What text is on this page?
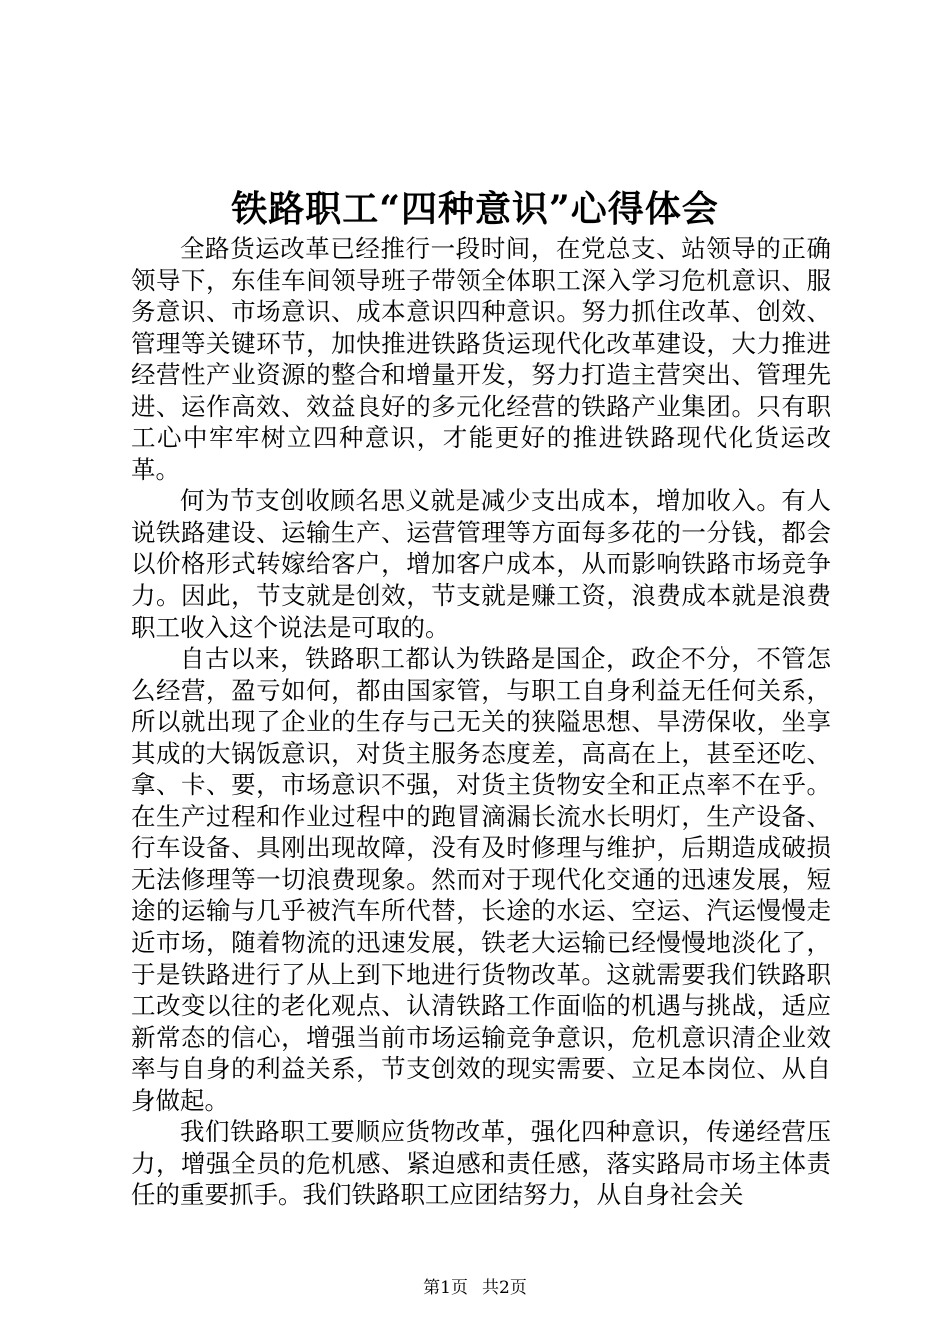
铁路职工“四种意识”心得体会

全路货运改革已经推行一段时间，在党总支、站领导的正确领导下，东佳车间领导班子带领全体职工深入学习危机意识、服务意识、市场意识、成本意识四种意识。努力抓住改革、创效、管理等关键环节，加快推进铁路货运现代化改革建设，大力推进经营性产业资源的整合和增量开发，努力打造主营突出、管理先进、运作高效、效益良好的多元化经营的铁路产业集团。只有职工心中牢牢树立四种意识，才能更好的推进铁路现代化货运改革。

何为节支创收顾名思义就是减少支出成本，增加收入。有人说铁路建设、运输生产、运营管理等方面每多花的一分钱，都会以价格形式转嫁给客户，增加客户成本，从而影响铁路市场竞争力。因此，节支就是创效，节支就是赚工资，浪费成本就是浪费职工收入这个说法是可取的。

自古以来，铁路职工都认为铁路是国企，政企不分，不管怎么经营，盈亏如何，都由国家管，与职工自身利益无任何关系，所以就出现了企业的生存与己无关的狭隘思想、旱涝保收，坐享其成的大锅饭意识，对货主服务态度差，高高在上，甚至还吃、拿、卡、要，市场意识不强，对货主货物安全和正点率不在乎。在生产过程和作业过程中的跑冒滴漏长流水长明灯，生产设备、行车设备、具刚出现故障，没有及时修理与维护，后期造成破损无法修理等一切浪费现象。然而对于现代化交通的迅速发展，短途的运输与几乎被汽车所代替，长途的水运、空运、汽运慢慢走近市场，随着物流的迅速发展，铁老大运输已经慢慢地淡化了，于是铁路进行了从上到下地进行货物改革。这就需要我们铁路职工改变以往的老化观点、认清铁路工作面临的机遇与挑战，适应新常态的信心，增强当前市场运输竞争意识，危机意识清企业效率与自身的利益关系，节支创效的现实需要、立足本岗位、从自身做起。

我们铁路职工要顺应货物改革，强化四种意识，传递经营压力，增强全员的危机感、紧迫感和责任感，落实路局市场主体责任的重要抓手。我们铁路职工应团结努力，从自身社会关

第1页 共2页
